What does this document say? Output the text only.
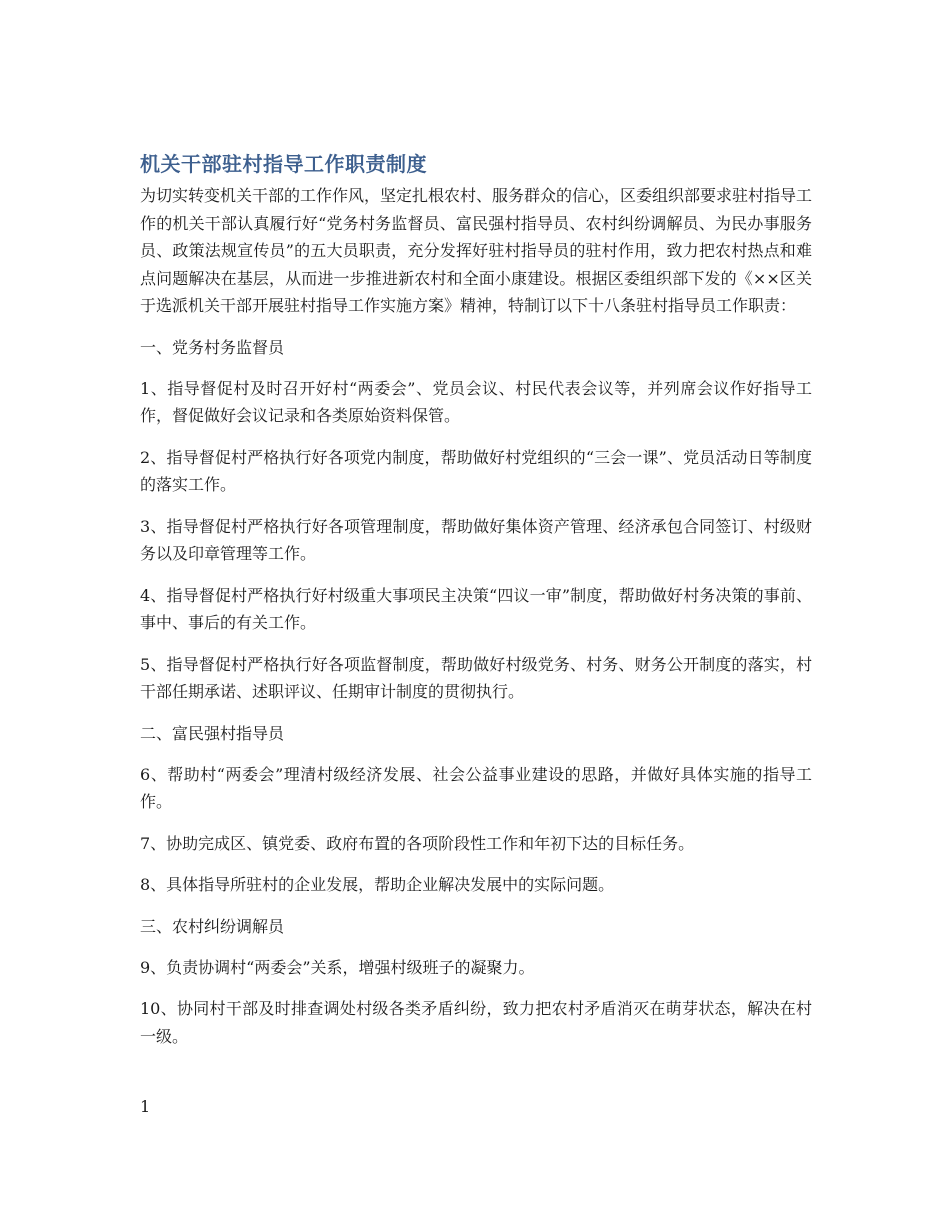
机关干部驻村指导工作职责制度

为切实转变机关干部的工作作风，坚定扎根农村、服务群众的信心，区委组织部要求驻村指导工作的机关干部认真履行好“党务村务监督员、富民强村指导员、农村纠纷调解员、为民办事服务员、政策法规宣传员”的五大员职责，充分发挥好驻村指导员的驻村作用，致力把农村热点和难点问题解决在基层，从而进一步推进新农村和全面小康建设。根据区委组织部下发的《××区关于选派机关干部开展驻村指导工作实施方案》精神，特制订以下十八条驻村指导员工作职责：

一、党务村务监督员

1、指导督促村及时召开好村“两委会”、党员会议、村民代表会议等，并列席会议作好指导工作，督促做好会议记录和各类原始资料保管。

2、指导督促村严格执行好各项党内制度，帮助做好村党组织的“三会一课”、党员活动日等制度的落实工作。

3、指导督促村严格执行好各项管理制度，帮助做好集体资产管理、经济承包合同签订、村级财务以及印章管理等工作。

4、指导督促村严格执行好村级重大事项民主决策“四议一审”制度，帮助做好村务决策的事前、事中、事后的有关工作。

5、指导督促村严格执行好各项监督制度，帮助做好村级党务、村务、财务公开制度的落实，村干部任期承诺、述职评议、任期审计制度的贯彻执行。

二、富民强村指导员

6、帮助村“两委会”理清村级经济发展、社会公益事业建设的思路，并做好具体实施的指导工作。

7、协助完成区、镇党委、政府布置的各项阶段性工作和年初下达的目标任务。

8、具体指导所驻村的企业发展，帮助企业解决发展中的实际问题。

三、农村纠纷调解员

9、负责协调村“两委会”关系，增强村级班子的凝聚力。

10、协同村干部及时排查调处村级各类矛盾纠纷，致力把农村矛盾消灭在萌芽状态，解决在村一级。

1
